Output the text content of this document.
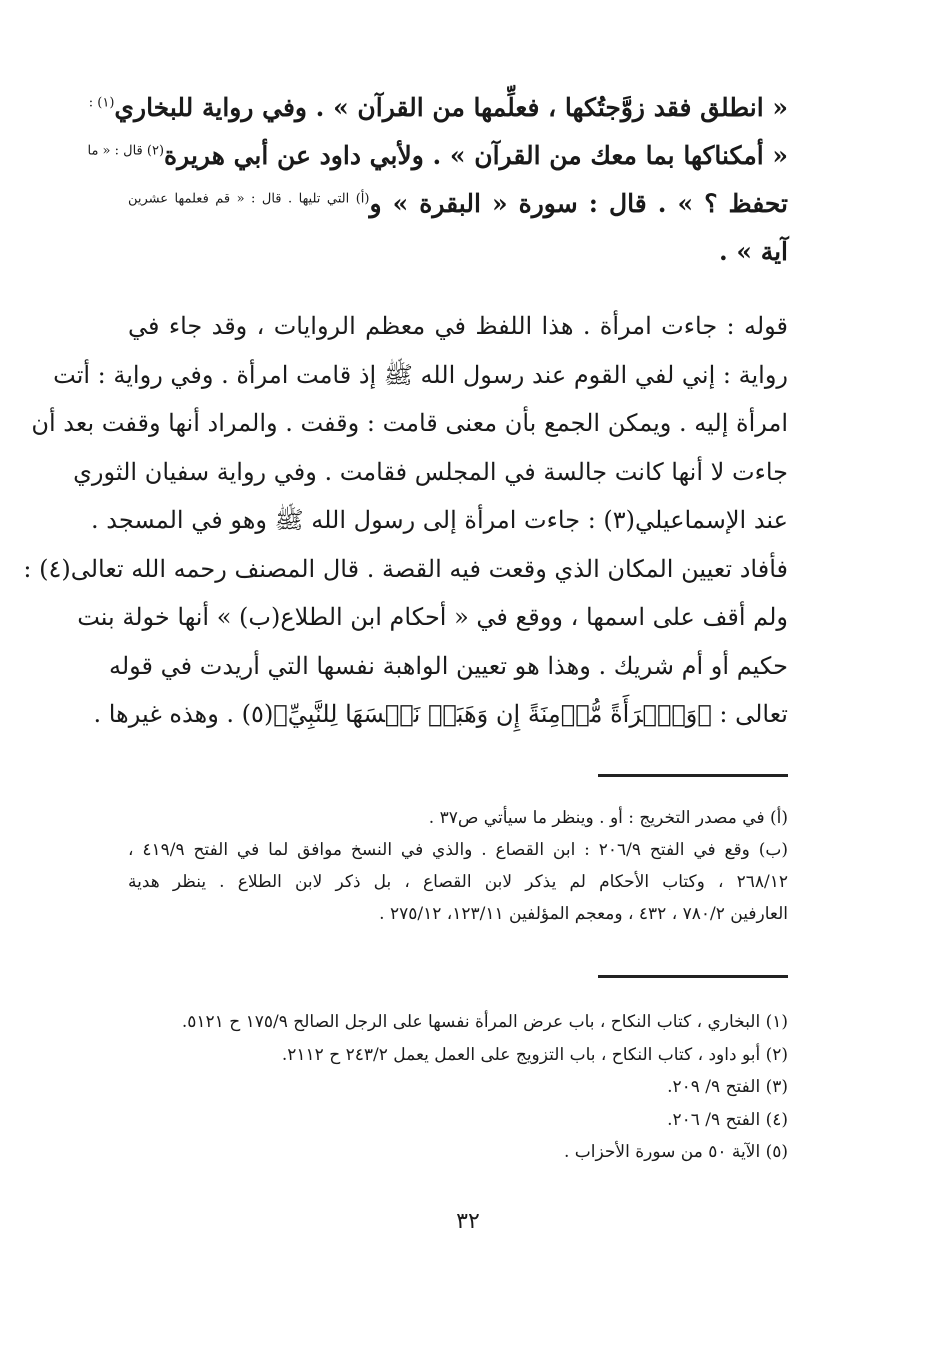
« انطلق فقد زوَّجتُكها ، فعلِّمها من القرآن » . وفي رواية للبخاري$^{(١) :}$
« أمكناكها بما معك من القرآن » . ولأبي داود عن أبي هريرة$^{(٢) قال : « ما}$
تحفظ ؟ » . قال : سورة « البقرة » و$^{(أ) التي تليها . قال : « قم فعلمها عشرين}$
آية » .
قوله : جاءت امرأة . هذا اللفظ في معظم الروايات ، وقد جاء في
رواية : إني لفي القوم عند رسول الله ﷺ إذ قامت امرأة . وفي رواية : أتت
امرأة إليه . ويمكن الجمع بأن معنى قامت : وقفت . والمراد أنها وقفت بعد أن
جاءت لا أنها كانت جالسة في المجلس فقامت . وفي رواية سفيان الثوري
عند الإسماعيلي(٣) : جاءت امرأة إلى رسول الله ﷺ وهو في المسجد .
فأفاد تعيين المكان الذي وقعت فيه القصة . قال المصنف رحمه الله تعالى(٤) :
ولم أقف على اسمها ، ووقع في « أحكام ابن الطلاع(ب) » أنها خولة بنت
حكيم أو أم شريك . وهذا هو تعيين الواهبة نفسها التي أريدت في قوله
تعالى : ﴿وَٱمۡرَأَةً مُّؤۡمِنَةً إِن وَهَبَتۡ نَفۡسَهَا لِلنَّبِيِّ﴾(٥) . وهذه غيرها .
(أ) في مصدر التخريج : أو . وينظر ما سيأتي ص٣٧ .
(ب) وقع في الفتح ٢٠٦/٩ : ابن القصاع . والذي في النسخ موافق لما في الفتح ٤١٩/٩ ،
٢٦٨/١٢ ، وكتاب الأحكام لم يذكر لابن القصاع ، بل ذكر لابن الطلاع . ينظر هدية
العارفين ٧٨٠/٢ ، ٤٣٢ ، ومعجم المؤلفين ١٢٣/١١، ٢٧٥/١٢ .
(١) البخاري ، كتاب النكاح ، باب عرض المرأة نفسها على الرجل الصالح ١٧٥/٩ ح ٥١٢١.
(٢) أبو داود ، كتاب النكاح ، باب التزويج على العمل يعمل ٢٤٣/٢ ح ٢١١٢.
(٣) الفتح ٩/ ٢٠٩.
(٤) الفتح ٩/ ٢٠٦.
(٥) الآية ٥٠ من سورة الأحزاب .
٣٢
